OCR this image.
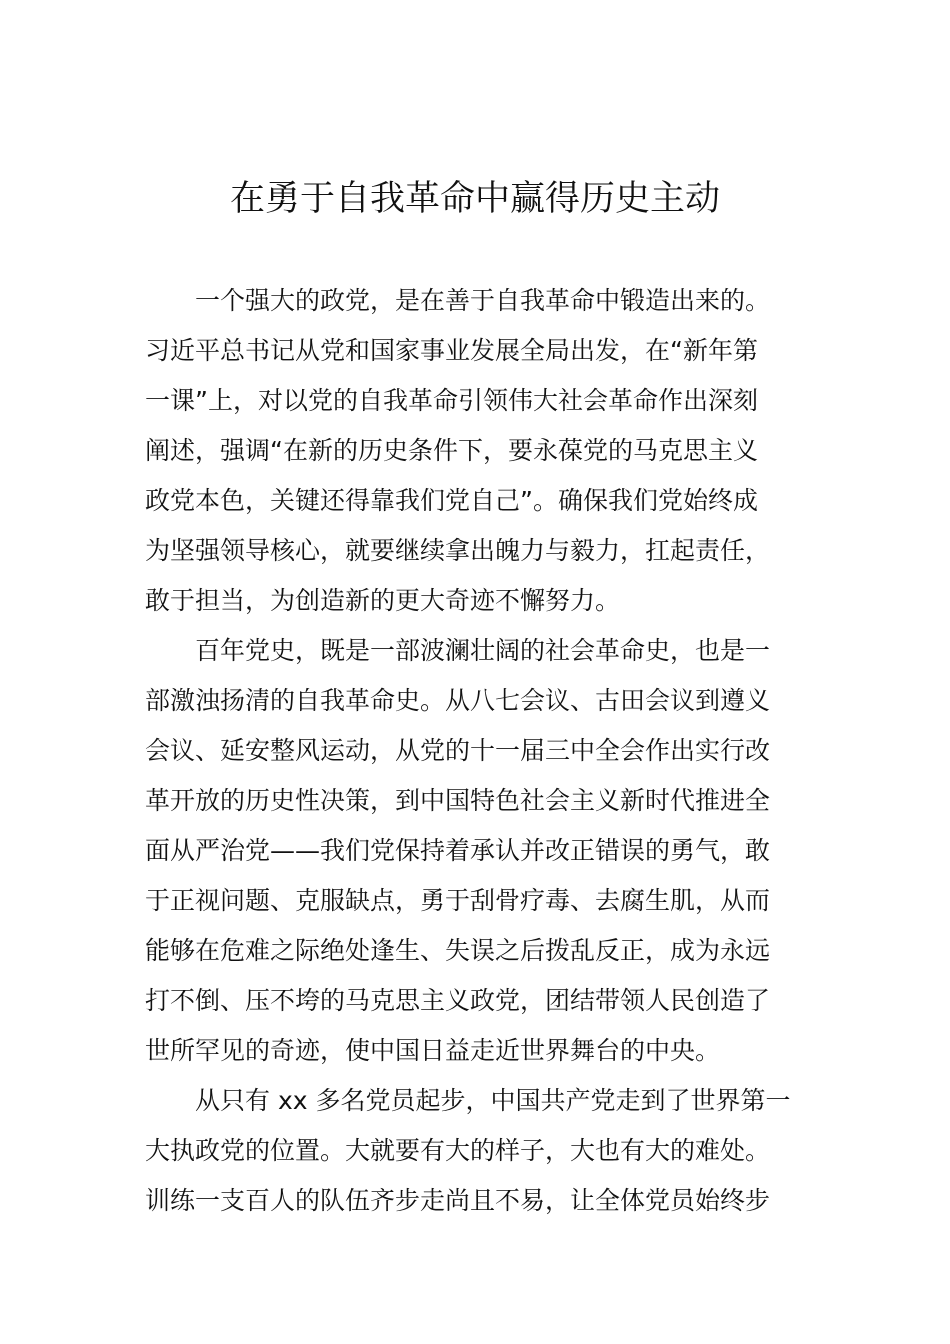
在勇于自我革命中赢得历史主动
一个强大的政党，是在善于自我革命中锻造出来的。
习近平总书记从党和国家事业发展全局出发，在“新年第
一课”上，对以党的自我革命引领伟大社会革命作出深刻
阐述，强调“在新的历史条件下，要永葆党的马克思主义
政党本色，关键还得靠我们党自己”。确保我们党始终成
为坚强领导核心，就要继续拿出魄力与毅力，扛起责任，
敢于担当，为创造新的更大奇迹不懈努力。
百年党史，既是一部波澜壮阔的社会革命史，也是一
部激浊扬清的自我革命史。从八七会议、古田会议到遵义
会议、延安整风运动，从党的十一届三中全会作出实行改
革开放的历史性决策，到中国特色社会主义新时代推进全
面从严治党——我们党保持着承认并改正错误的勇气，敢
于正视问题、克服缺点，勇于刮骨疗毒、去腐生肌，从而
能够在危难之际绝处逢生、失误之后拨乱反正，成为永远
打不倒、压不垮的马克思主义政党，团结带领人民创造了
世所罕见的奇迹，使中国日益走近世界舞台的中央。
从只有 xx 多名党员起步，中国共产党走到了世界第一
大执政党的位置。大就要有大的样子，大也有大的难处。
训练一支百人的队伍齐步走尚且不易，让全体党员始终步
